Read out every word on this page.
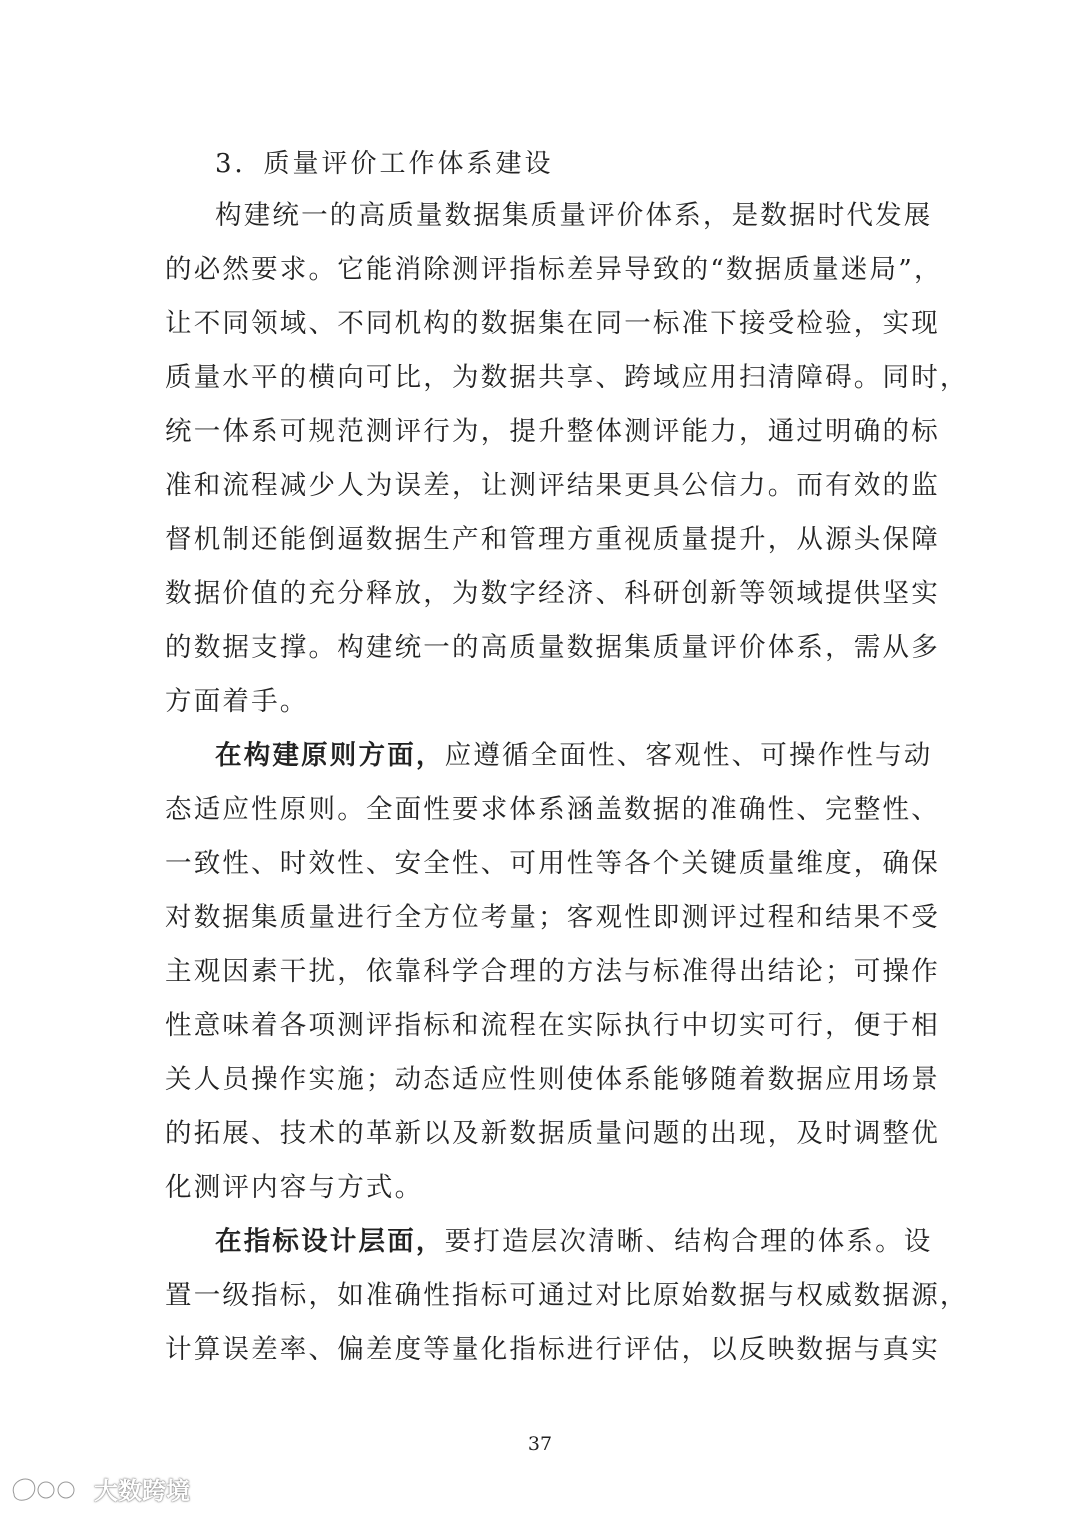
3．质量评价工作体系建设
构建统一的高质量数据集质量评价体系，是数据时代发展
的必然要求。它能消除测评指标差异导致的“数据质量迷局”，
让不同领域、不同机构的数据集在同一标准下接受检验，实现
质量水平的横向可比，为数据共享、跨域应用扫清障碍。同时，
统一体系可规范测评行为，提升整体测评能力，通过明确的标
准和流程减少人为误差，让测评结果更具公信力。而有效的监
督机制还能倒逼数据生产和管理方重视质量提升，从源头保障
数据价值的充分释放，为数字经济、科研创新等领域提供坚实
的数据支撑。构建统一的高质量数据集质量评价体系，需从多
方面着手。
在构建原则方面，应遵循全面性、客观性、可操作性与动
态适应性原则。全面性要求体系涵盖数据的准确性、完整性、
一致性、时效性、安全性、可用性等各个关键质量维度，确保
对数据集质量进行全方位考量；客观性即测评过程和结果不受
主观因素干扰，依靠科学合理的方法与标准得出结论；可操作
性意味着各项测评指标和流程在实际执行中切实可行，便于相
关人员操作实施；动态适应性则使体系能够随着数据应用场景
的拓展、技术的革新以及新数据质量问题的出现，及时调整优
化测评内容与方式。
在指标设计层面，要打造层次清晰、结构合理的体系。设
置一级指标，如准确性指标可通过对比原始数据与权威数据源，
计算误差率、偏差度等量化指标进行评估，以反映数据与真实
37
大数跨境
